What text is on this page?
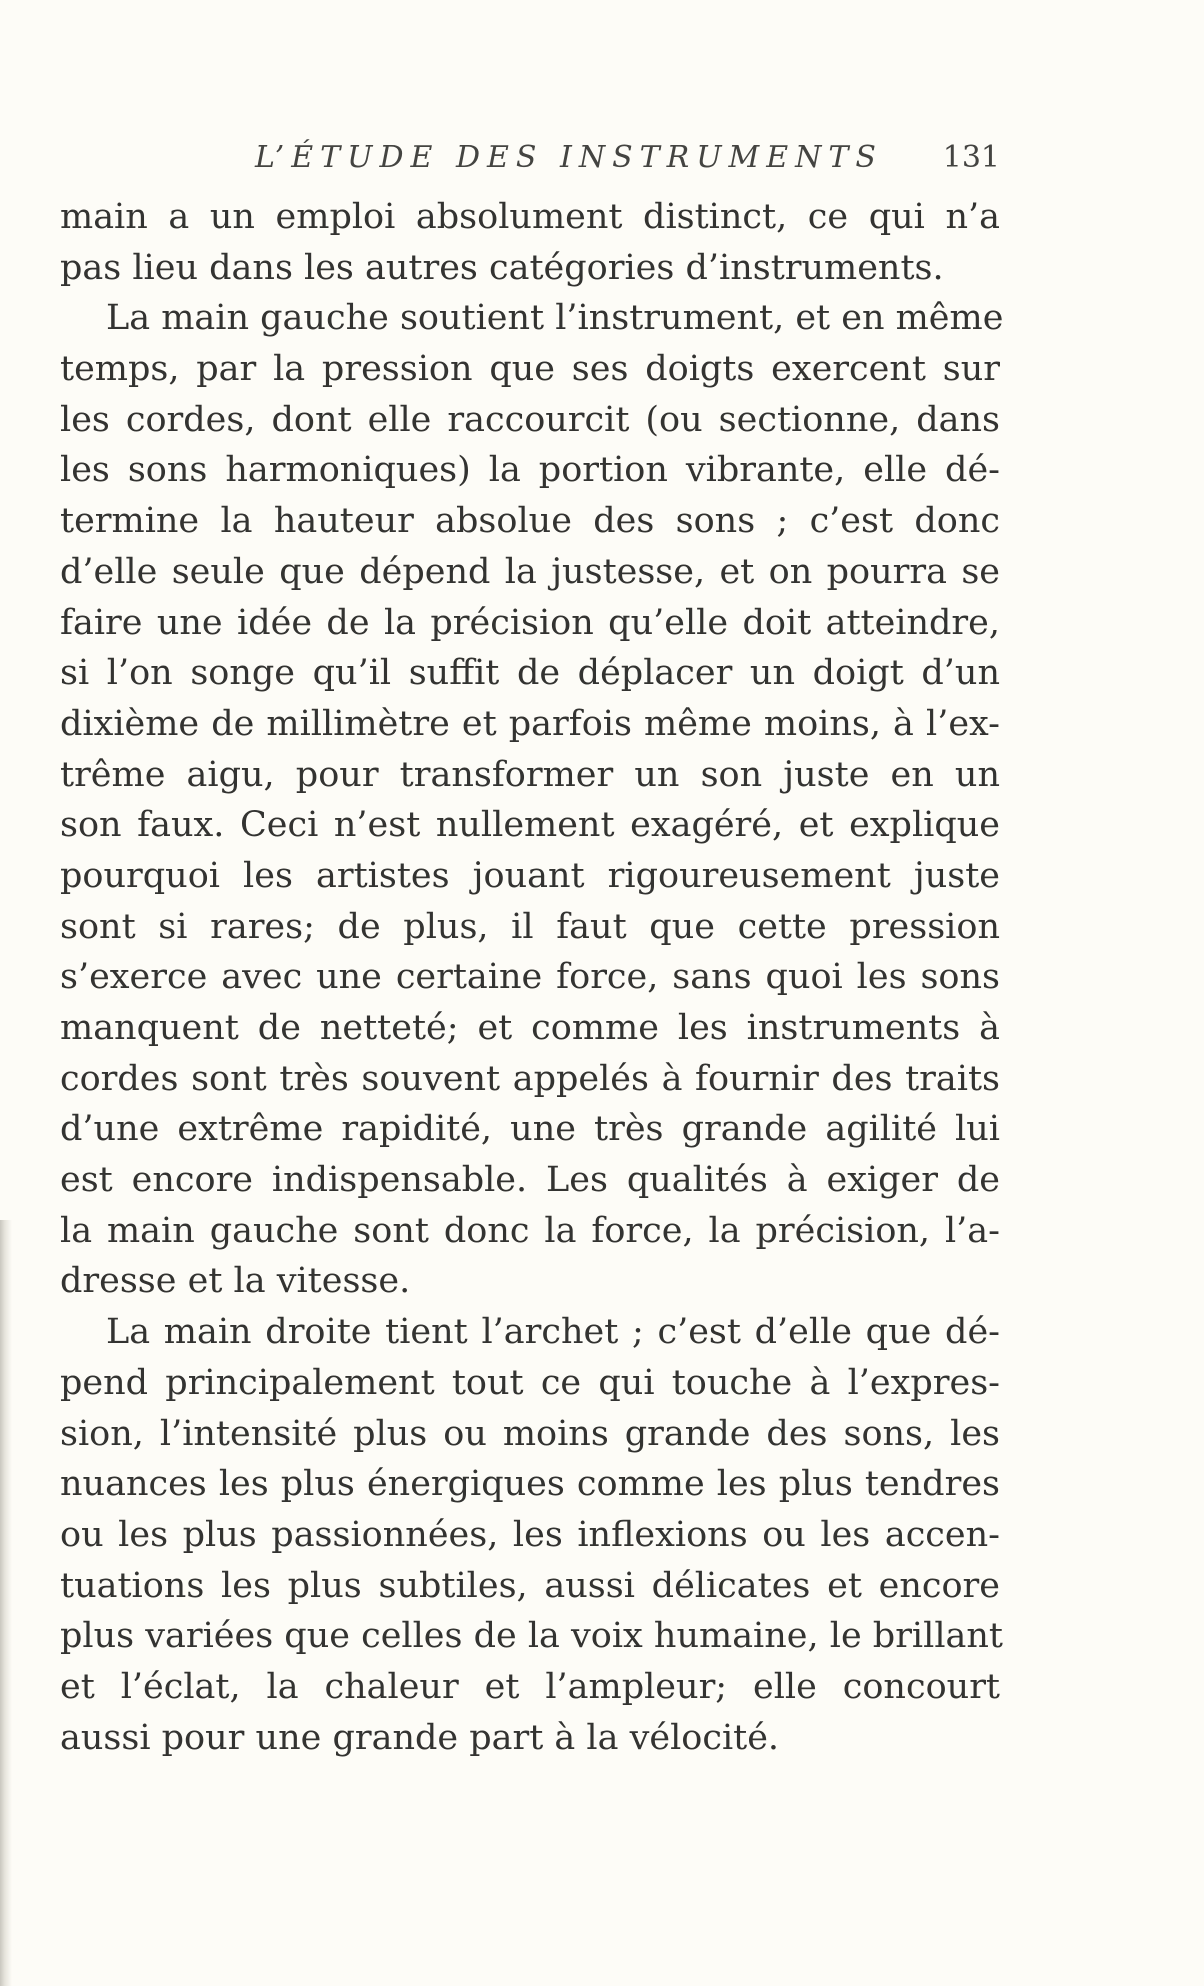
L’ÉTUDE DES INSTRUMENTS 131
main a un emploi absolument distinct, ce qui n’a
pas lieu dans les autres catégories d’instruments.
La main gauche soutient l’instrument, et en même
temps, par la pression que ses doigts exercent sur
les cordes, dont elle raccourcit (ou sectionne, dans
les sons harmoniques) la portion vibrante, elle dé-
termine la hauteur absolue des sons ; c’est donc
d’elle seule que dépend la justesse, et on pourra se
faire une idée de la précision qu’elle doit atteindre,
si l’on songe qu’il suffit de déplacer un doigt d’un
dixième de millimètre et parfois même moins, à l’ex-
trême aigu, pour transformer un son juste en un
son faux. Ceci n’est nullement exagéré, et explique
pourquoi les artistes jouant rigoureusement juste
sont si rares; de plus, il faut que cette pression
s’exerce avec une certaine force, sans quoi les sons
manquent de netteté; et comme les instruments à
cordes sont très souvent appelés à fournir des traits
d’une extrême rapidité, une très grande agilité lui
est encore indispensable. Les qualités à exiger de
la main gauche sont donc la force, la précision, l’a-
dresse et la vitesse.
La main droite tient l’archet ; c’est d’elle que dé-
pend principalement tout ce qui touche à l’expres-
sion, l’intensité plus ou moins grande des sons, les
nuances les plus énergiques comme les plus tendres
ou les plus passionnées, les inflexions ou les accen-
tuations les plus subtiles, aussi délicates et encore
plus variées que celles de la voix humaine, le brillant
et l’éclat, la chaleur et l’ampleur; elle concourt
aussi pour une grande part à la vélocité.
